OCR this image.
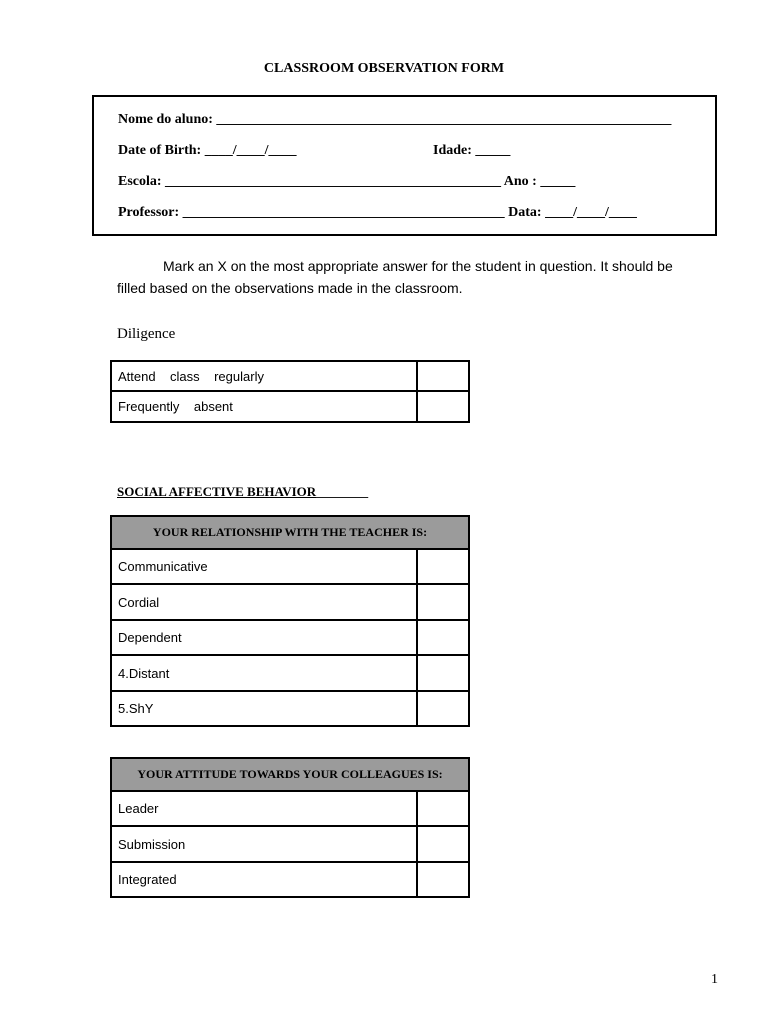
CLASSROOM OBSERVATION FORM
Nome do aluno: _________________________________________________________________
Date of Birth: ____/____/____	Idade: _____
Escola: ________________________________________________ Ano : _____
Professor: ______________________________________________ Data: ____/____/____
Mark an X on the most appropriate answer for the student in question. It should be
filled based on the observations made in the classroom.
Diligence
Attend    class    regularly	
Frequently    absent	
SOCIAL AFFECTIVE BEHAVIOR________
YOUR RELATIONSHIP WITH THE TEACHER IS:	
Communicative	
Cordial	
Dependent	
4.Distant	
5.ShY	
YOUR ATTITUDE TOWARDS YOUR COLLEAGUES IS:	
Leader	
Submission	
Integrated	
1
